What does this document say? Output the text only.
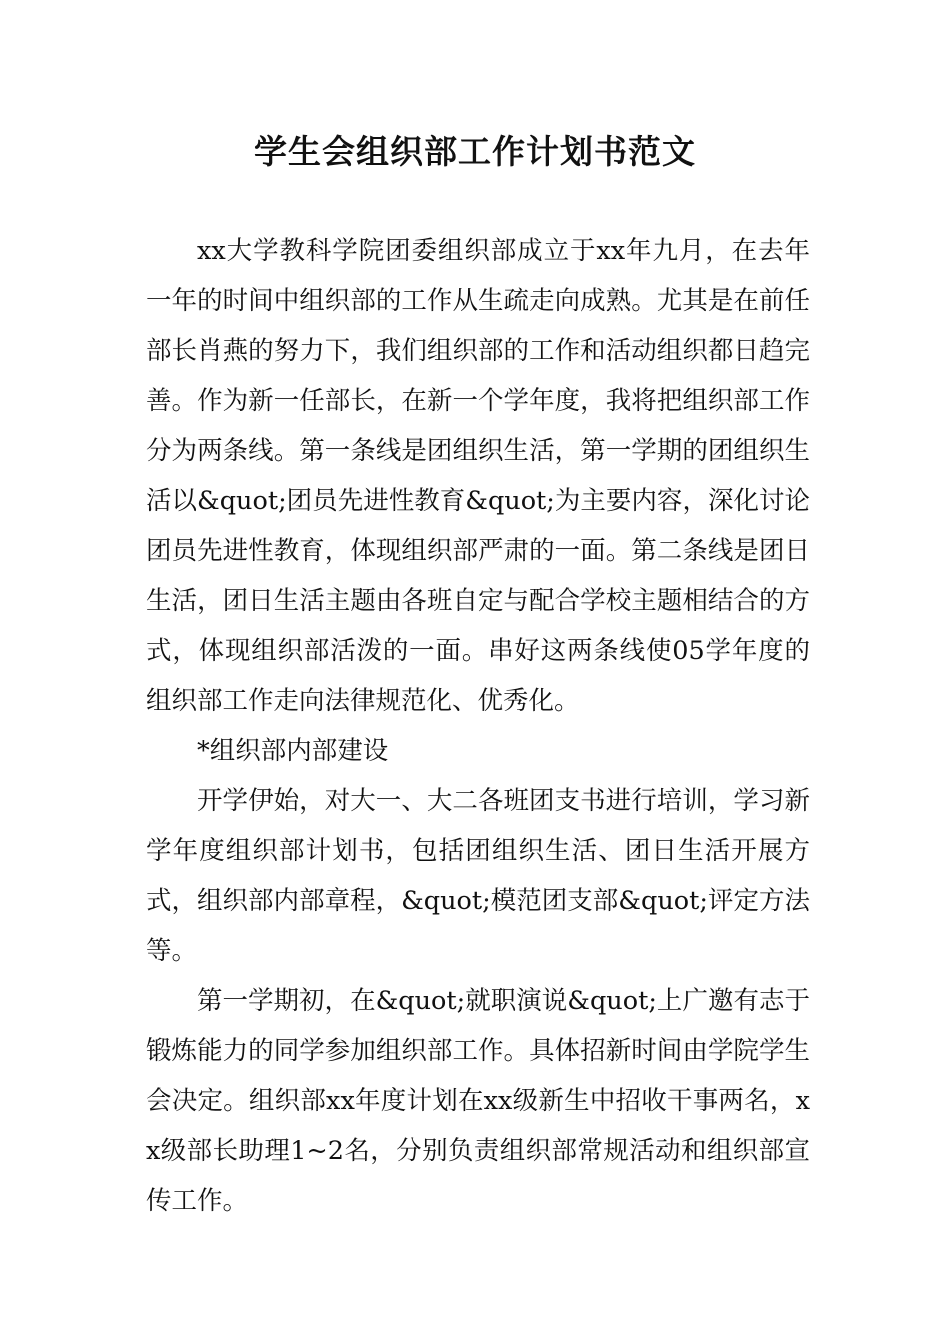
学生会组织部工作计划书范文

xx大学教科学院团委组织部成立于xx年九月，在去年一年的时间中组织部的工作从生疏走向成熟。尤其是在前任部长肖燕的努力下，我们组织部的工作和活动组织都日趋完善。作为新一任部长，在新一个学年度，我将把组织部工作分为两条线。第一条线是团组织生活，第一学期的团组织生活以&quot;团员先进性教育&quot;为主要内容，深化讨论团员先进性教育，体现组织部严肃的一面。第二条线是团日生活，团日生活主题由各班自定与配合学校主题相结合的方式，体现组织部活泼的一面。串好这两条线使05学年度的组织部工作走向法律规范化、优秀化。

*组织部内部建设

开学伊始，对大一、大二各班团支书进行培训，学习新学年度组织部计划书，包括团组织生活、团日生活开展方式，组织部内部章程，&quot;模范团支部&quot;评定方法等。

第一学期初，在&quot;就职演说&quot;上广邀有志于锻炼能力的同学参加组织部工作。具体招新时间由学院学生会决定。组织部xx年度计划在xx级新生中招收干事两名，xx级部长助理1~2名，分别负责组织部常规活动和组织部宣传工作。
